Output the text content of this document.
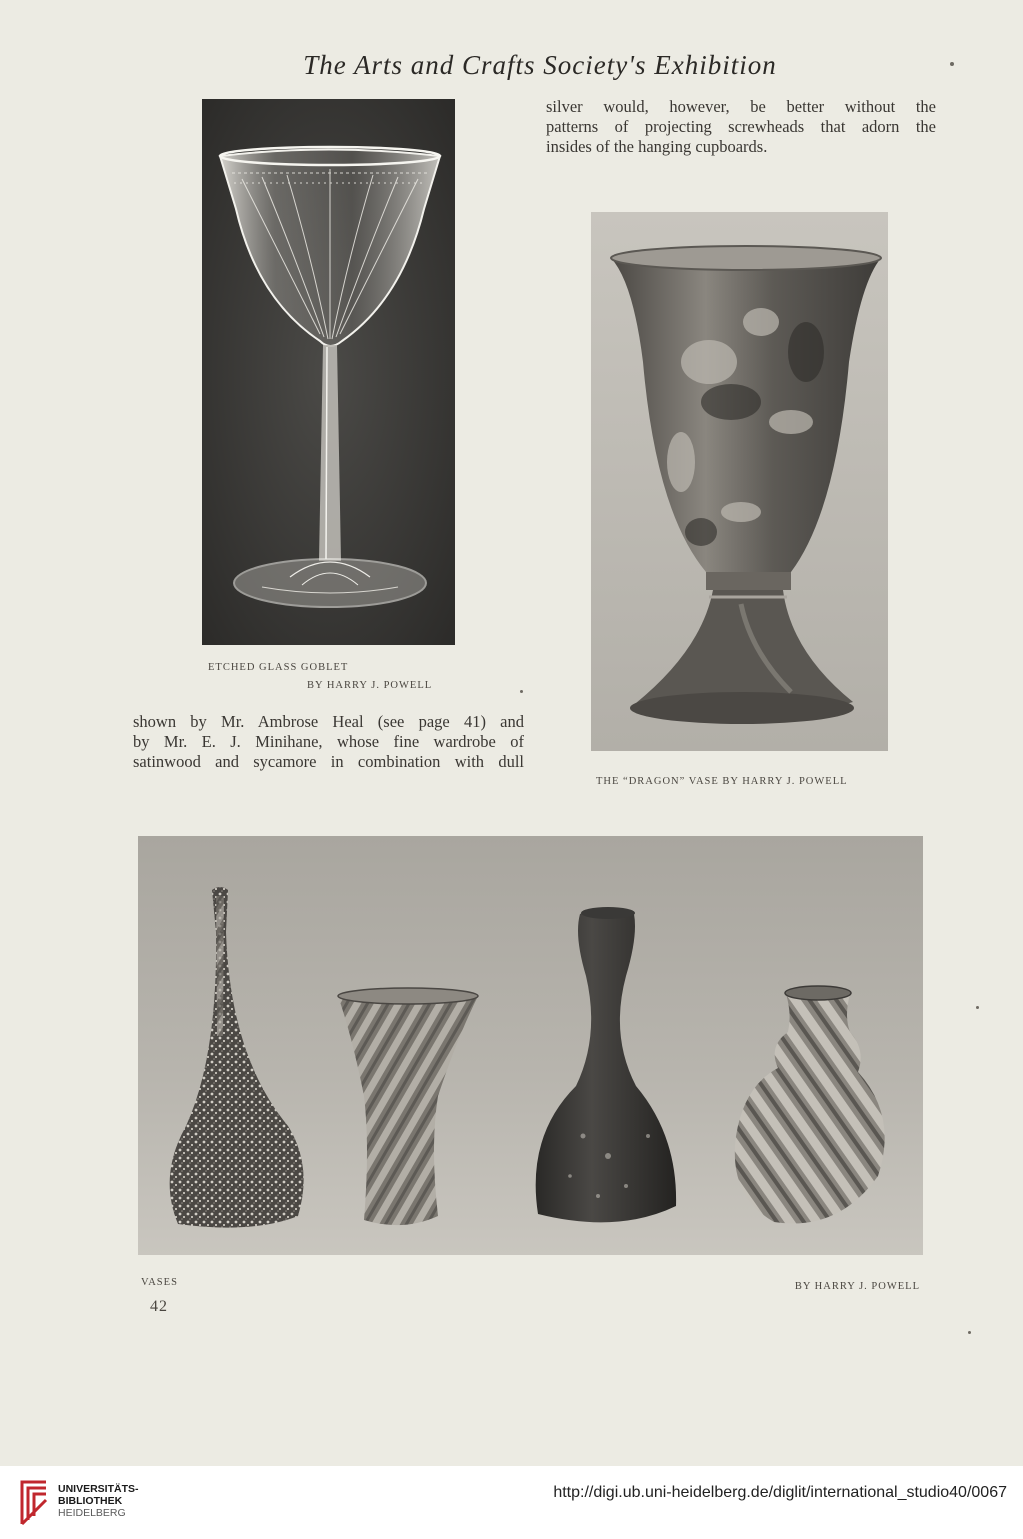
The Arts and Crafts Society's Exhibition
silver would, however, be better without the
patterns of projecting screwheads that adorn the
insides of the hanging cupboards.
ETCHED GLASS GOBLET
BY HARRY J. POWELL
THE “DRAGON” VASE BY HARRY J. POWELL
shown by Mr. Ambrose Heal (see page 41) and
by Mr. E. J. Minihane, whose fine wardrobe of
satinwood and sycamore in combination with dull
VASES	BY HARRY J. POWELL
42
UNIVERSITÄTS-
BIBLIOTHEK
HEIDELBERG
http://digi.ub.uni-heidelberg.de/diglit/international_studio40/0067
